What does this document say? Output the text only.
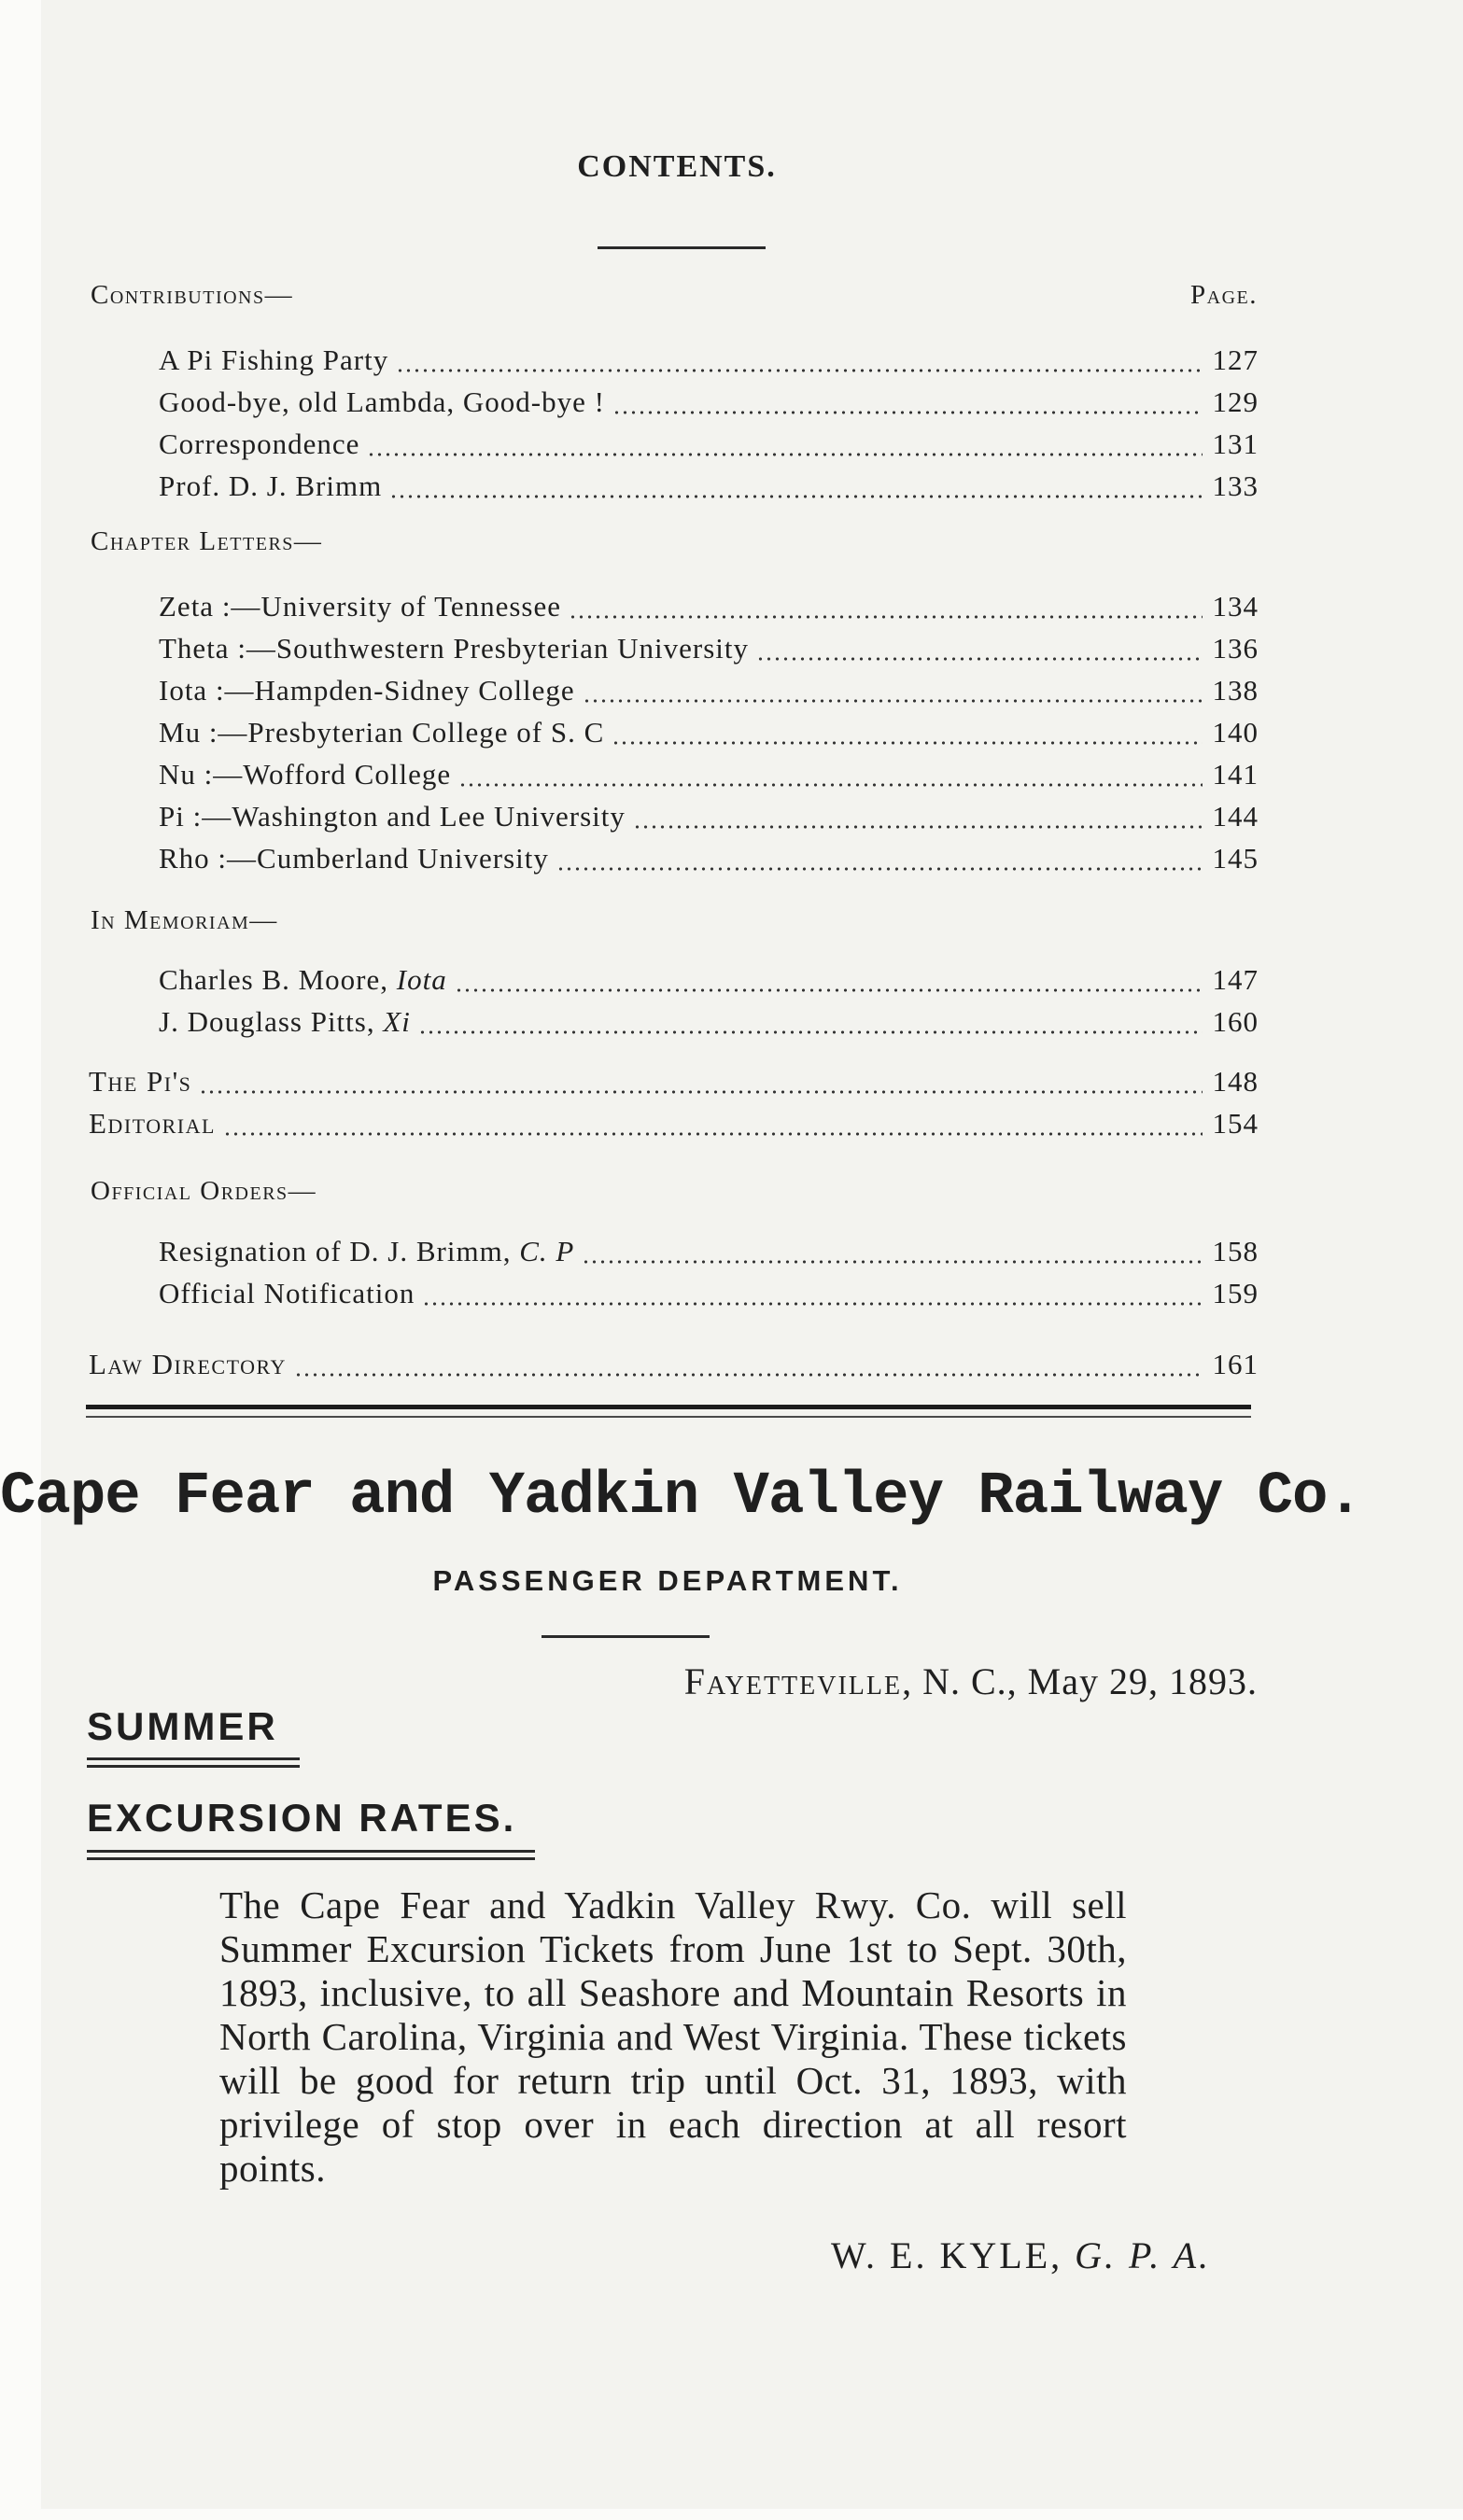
CONTENTS.
Contributions—	Page.
A Pi Fishing Party	127
Good-bye, old Lambda, Good-bye !	129
Correspondence	131
Prof. D. J. Brimm	133
Chapter Letters—
Zeta :—University of Tennessee	134
Theta :—Southwestern Presbyterian University	136
Iota :—Hampden-Sidney College	138
Mu :—Presbyterian College of S. C	140
Nu :—Wofford College	141
Pi :—Washington and Lee University	144
Rho :—Cumberland University	145
In Memoriam—
Charles B. Moore, Iota	147
J. Douglass Pitts, Xi	160
The Pi's	148
Editorial	154
Official Orders—
Resignation of D. J. Brimm, C. P	158
Official Notification	159
Law Directory	161
Cape Fear and Yadkin Valley Railway Co.
PASSENGER DEPARTMENT.
Fayetteville, N. C., May 29, 1893.
SUMMER
EXCURSION RATES.
The Cape Fear and Yadkin Valley Rwy. Co. will sell Summer Excursion Tickets from June 1st to Sept. 30th, 1893, inclusive, to all Seashore and Mountain Resorts in North Carolina, Virginia and West Virginia. These tickets will be good for return trip until Oct. 31, 1893, with privilege of stop over in each direction at all resort points.
W. E. KYLE, G. P. A.
